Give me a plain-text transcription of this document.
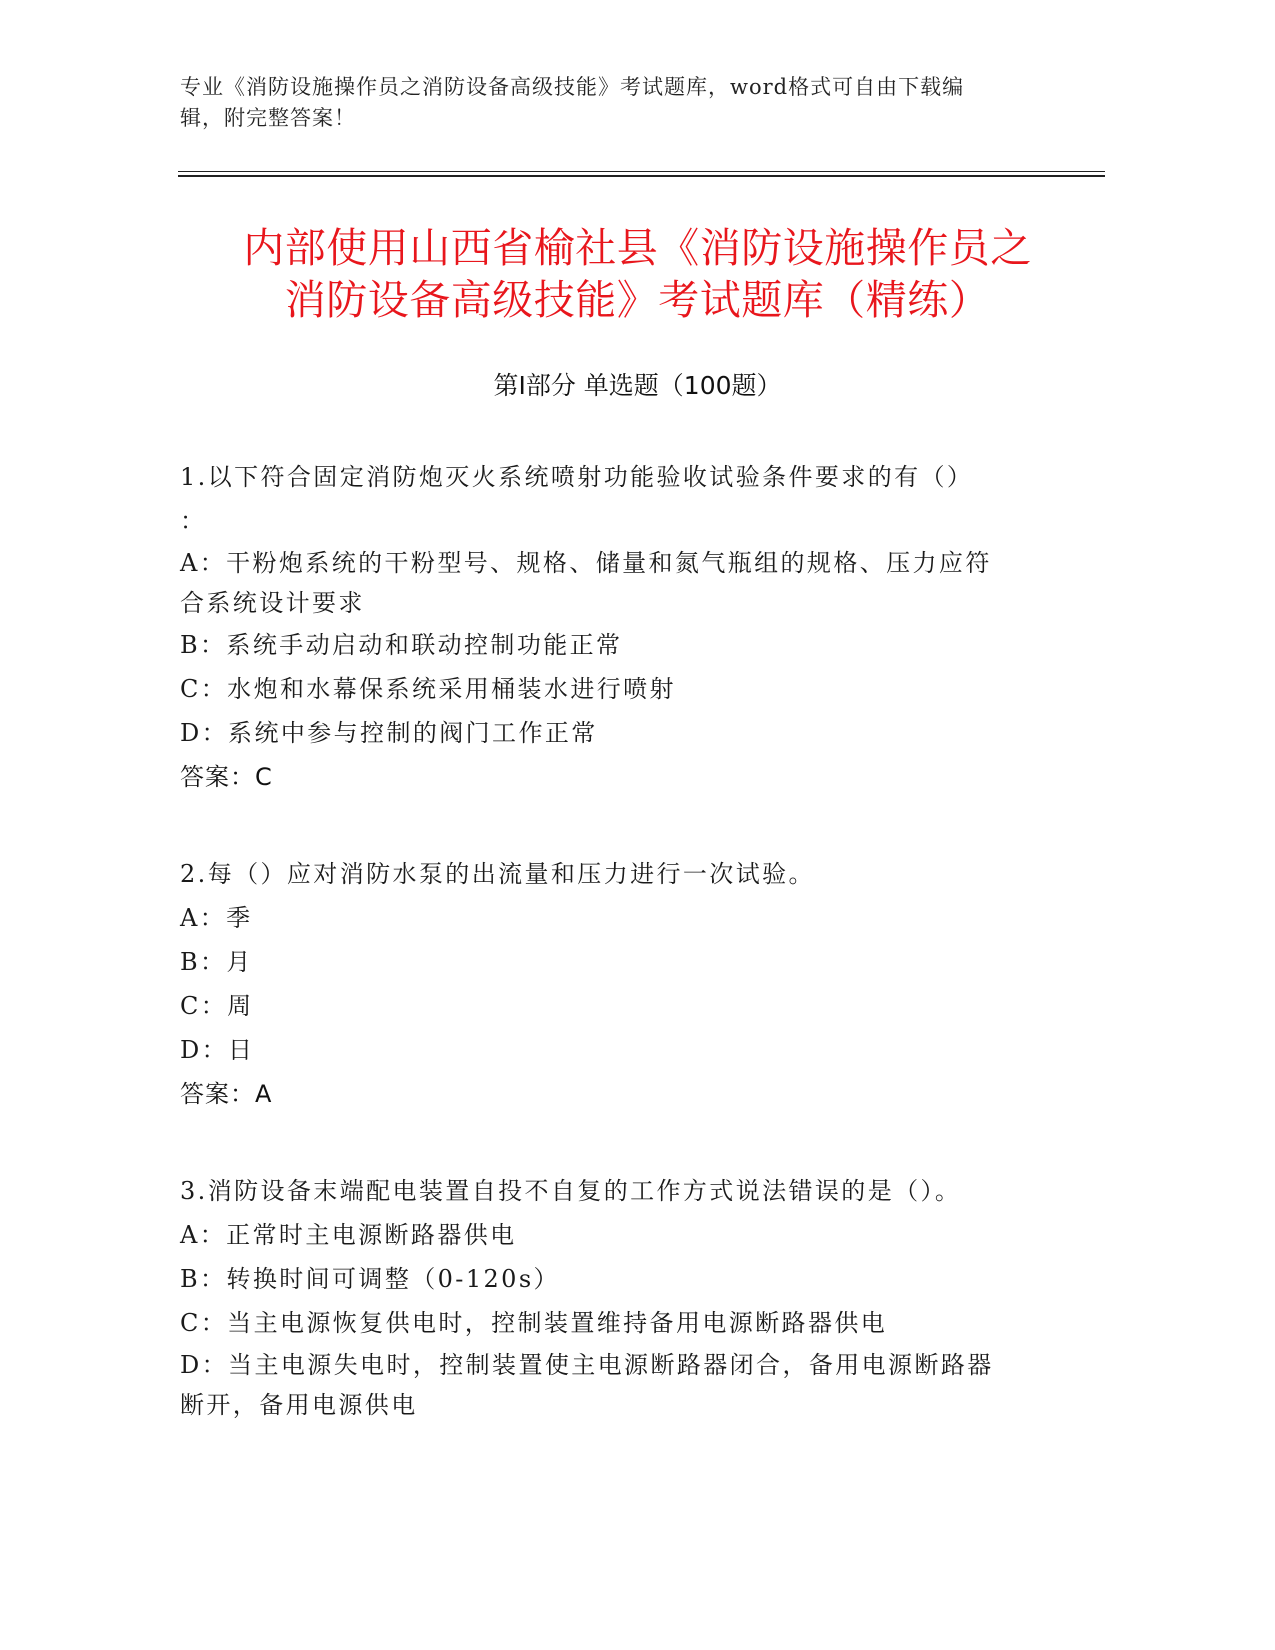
专业《消防设施操作员之消防设备高级技能》考试题库，word格式可自由下载编
辑，附完整答案！
内部使用山西省榆社县《消防设施操作员之
消防设备高级技能》考试题库（精练）
第Ⅰ部分 单选题（100题）
1.以下符合固定消防炮灭火系统喷射功能验收试验条件要求的有（）
：
A：干粉炮系统的干粉型号、规格、储量和氮气瓶组的规格、压力应符
合系统设计要求
B：系统手动启动和联动控制功能正常
C：水炮和水幕保系统采用桶装水进行喷射
D：系统中参与控制的阀门工作正常
答案：C
2.每（）应对消防水泵的出流量和压力进行一次试验。
A：季
B：月
C：周
D：日
答案：A
3.消防设备末端配电装置自投不自复的工作方式说法错误的是（）。
A：正常时主电源断路器供电
B：转换时间可调整（0-120s）
C：当主电源恢复供电时，控制装置维持备用电源断路器供电
D：当主电源失电时，控制装置使主电源断路器闭合，备用电源断路器
断开，备用电源供电
